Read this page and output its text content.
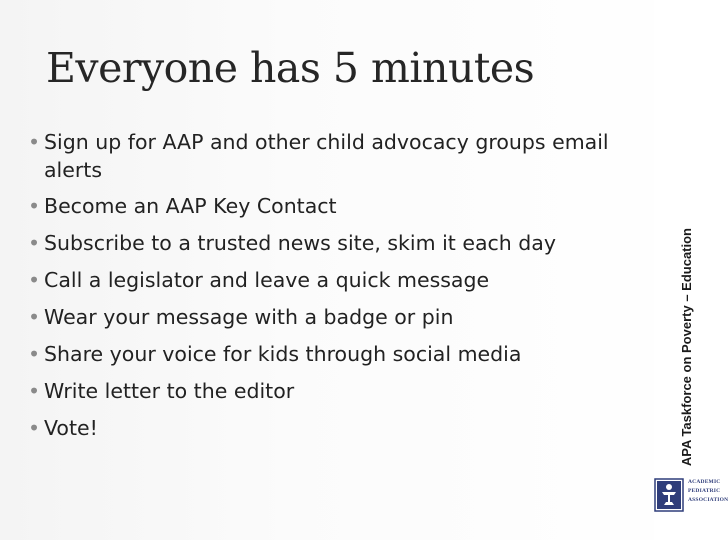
Everyone has 5 minutes
• Sign up for AAP and other child advocacy groups email alerts
• Become an AAP Key Contact
• Subscribe to a trusted news site, skim it each day
• Call a legislator and leave a quick message
• Wear your message with a badge or pin
• Share your voice for kids through social media
• Write letter to the editor
• Vote!	APA Taskforce on Poverty – Education
ACADEMIC
PEDIATRIC
ASSOCIATION
